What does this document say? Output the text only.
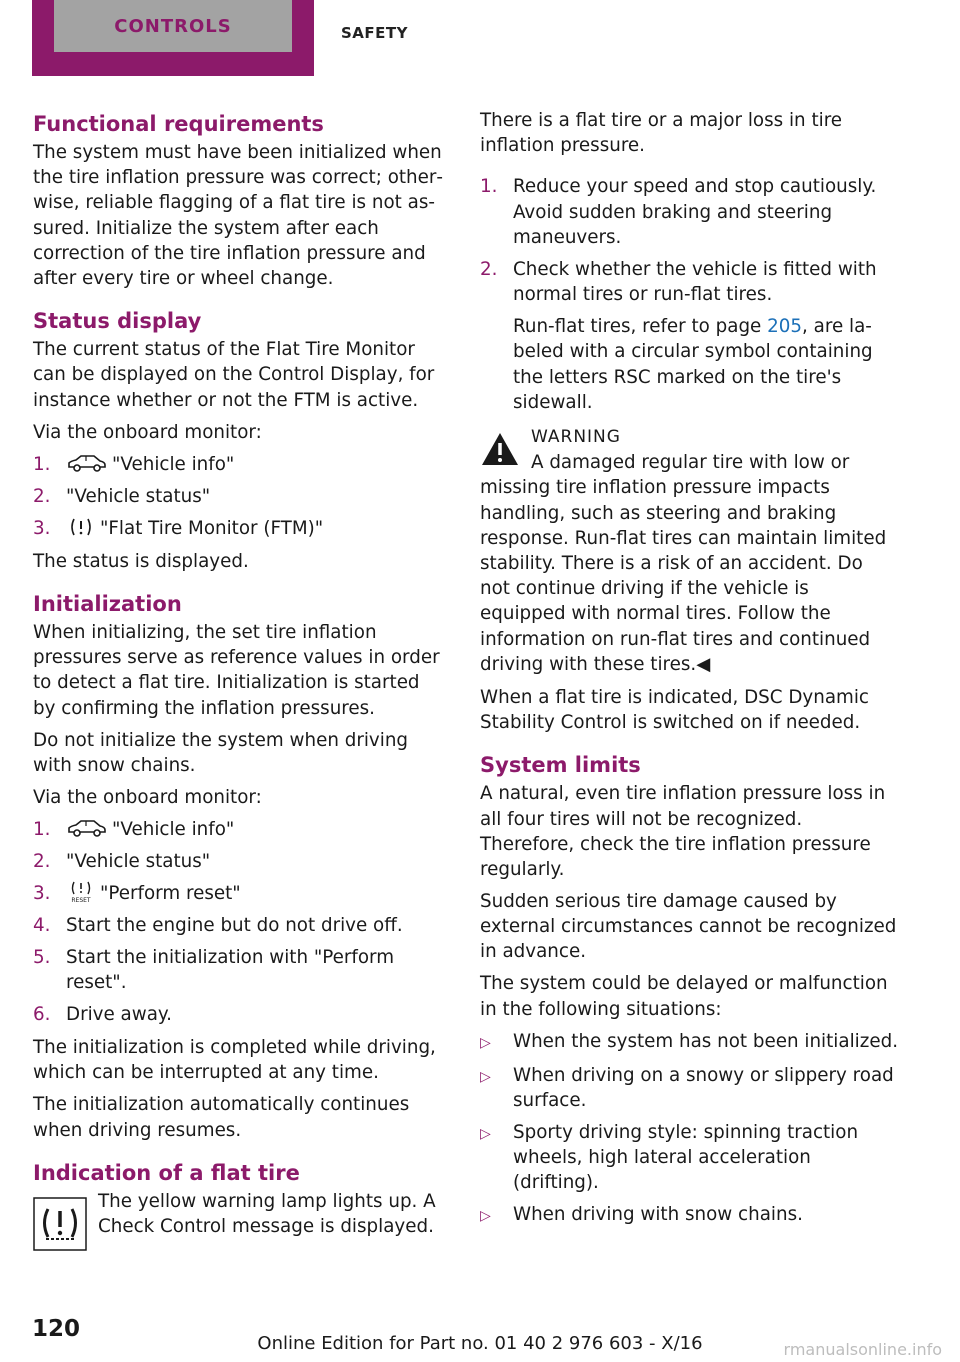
CONTROLS	SAFETY
Functional requirements

The system must have been initialized when the tire inflation pressure was correct; otherwise, reliable flagging of a flat tire is not assured. Initialize the system after each correction of the tire inflation pressure and after every tire or wheel change.

Status display

The current status of the Flat Tire Monitor can be displayed on the Control Display, for instance whether or not the FTM is active.

Via the onboard monitor:

1.	"Vehicle info"
2. "Vehicle status"
3.	"Flat Tire Monitor (FTM)"

The status is displayed.

Initialization

When initializing, the set tire inflation pressures serve as reference values in order to detect a flat tire. Initialization is started by confirming the inflation pressures.

Do not initialize the system when driving with snow chains.

Via the onboard monitor:

1.	"Vehicle info"
2. "Vehicle status"
3.	RESET "Perform reset"
4. Start the engine but do not drive off.
5. Start the initialization with "Perform reset".
6. Drive away.

The initialization is completed while driving, which can be interrupted at any time.

The initialization automatically continues when driving resumes.

Indication of a flat tire

The yellow warning lamp lights up. A Check Control message is displayed.

There is a flat tire or a major loss in tire inflation pressure.

1. Reduce your speed and stop cautiously. Avoid sudden braking and steering maneuvers.
2. Check whether the vehicle is fitted with normal tires or run-flat tires.
Run-flat tires, refer to page 205, are labeled with a circular symbol containing the letters RSC marked on the tire's sidewall.
WARNING

A damaged regular tire with low or missing tire inflation pressure impacts handling, such as steering and braking response. Run-flat tires can maintain limited stability. There is a risk of an accident. Do not continue driving if the vehicle is equipped with normal tires. Follow the information on run-flat tires and continued driving with these tires.◀

When a flat tire is indicated, DSC Dynamic Stability Control is switched on if needed.

System limits

A natural, even tire inflation pressure loss in all four tires will not be recognized. Therefore, check the tire inflation pressure regularly.

Sudden serious tire damage caused by external circumstances cannot be recognized in advance.

The system could be delayed or malfunction in the following situations:

▷	When the system has not been initialized.
▷	When driving on a snowy or slippery road surface.
▷	Sporty driving style: spinning traction wheels, high lateral acceleration (drifting).
▷	When driving with snow chains.
120
Online Edition for Part no. 01 40 2 976 603 - X/16	rmanualsonline.info
